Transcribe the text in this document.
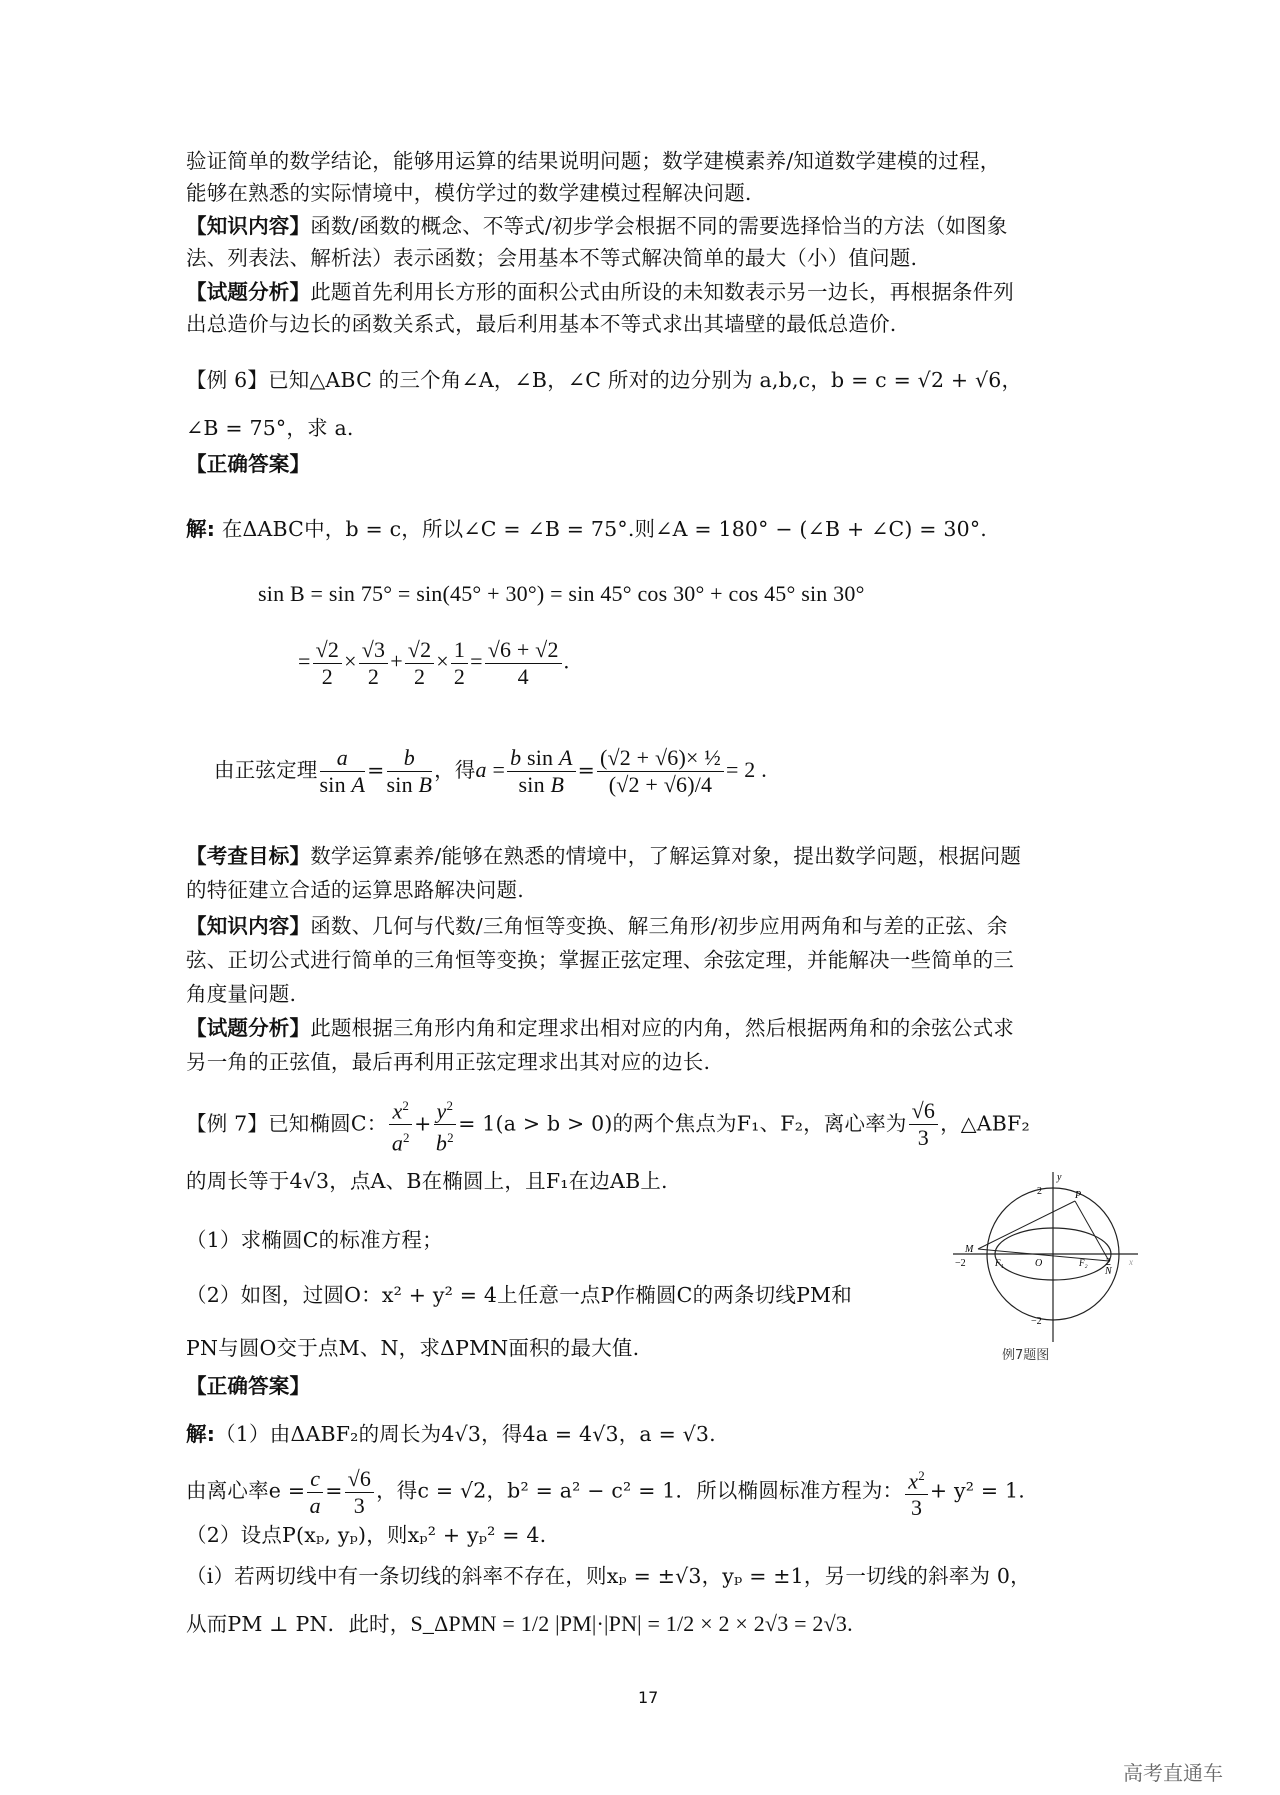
验证简单的数学结论，能够用运算的结果说明问题；数学建模素养/知道数学建模的过程，
能够在熟悉的实际情境中，模仿学过的数学建模过程解决问题.
【知识内容】函数/函数的概念、不等式/初步学会根据不同的需要选择恰当的方法（如图象
法、列表法、解析法）表示函数；会用基本不等式解决简单的最大（小）值问题.
【试题分析】此题首先利用长方形的面积公式由所设的未知数表示另一边长，再根据条件列
出总造价与边长的函数关系式，最后利用基本不等式求出其墙壁的最低总造价.
【例 6】已知△ABC 的三个角∠A，∠B，∠C 所对的边分别为 a,b,c，b = c = √2 + √6，
∠B = 75°，求 a.
【正确答案】
解: 在ΔABC中，b = c，所以∠C = ∠B = 75°.则∠A = 180° − (∠B + ∠C) = 30°.
sin B = sin 75° = sin(45° + 30°) = sin 45° cos 30° + cos 45° sin 30°
= $\frac{√2}{2} \times \frac{√3}{2} + \frac{√2}{2} \times \frac{1}{2} = \frac{√6 + √2}{4}$ .
由正弦定理 $\frac{a}{\text{sin A}} = \frac{b}{\text{sin B}}$ ，得$a = \frac{\text{b sin A}}{\text{sin B}} = \frac{\text{(√2 + √6)× ½}}{(√2 + √6)/4} = 2$ .
【考查目标】数学运算素养/能够在熟悉的情境中，了解运算对象，提出数学问题，根据问题
的特征建立合适的运算思路解决问题.
【知识内容】函数、几何与代数/三角恒等变换、解三角形/初步应用两角和与差的正弦、余
弦、正切公式进行简单的三角恒等变换；掌握正弦定理、余弦定理，并能解决一些简单的三
角度量问题.
【试题分析】此题根据三角形内角和定理求出相对应的内角，然后根据两角和的余弦公式求
另一角的正弦值，最后再利用正弦定理求出其对应的边长.
【例 7】已知椭圆C： $\frac{x^2}{a^2} + \frac{y^2}{b^2} = 1(a > b > 0)$的两个焦点为F₁、F₂，离心率为 $\frac{√6}{3}$ ，△ABF₂
的周长等于4√3，点A、B在椭圆上，且F₁在边AB上.
（1）求椭圆C的标准方程；
（2）如图，过圆O：x² + y² = 4上任意一点P作椭圆C的两条切线PM和
PN与圆O交于点M、N，求ΔPMN面积的最大值.
【正确答案】
解:（1）由ΔABF₂的周长为4√3，得4a = 4√3，a = √3.
由离心率$e = \frac{c}{a} = \frac{√6}{3}$ ，得c = √2，b² = a² − c² = 1．所以椭圆标准方程为： $\frac{x^2}{3} + y^2 = 1$.
（2）设点P(xₚ, yₚ)，则xₚ² + yₚ² = 4.
（i）若两切线中有一条切线的斜率不存在，则xₚ = ±√3，yₚ = ±1，另一切线的斜率为 0，
从而PM ⊥ PN．此时，S_ΔPMN = 1/2 |PM|·|PN| = 1/2 × 2 × 2√3 = 2√3.
y
2	P
M
−2	F₁	O	F₂ 2
N
x
−2
例7题图
17
高考直通车
